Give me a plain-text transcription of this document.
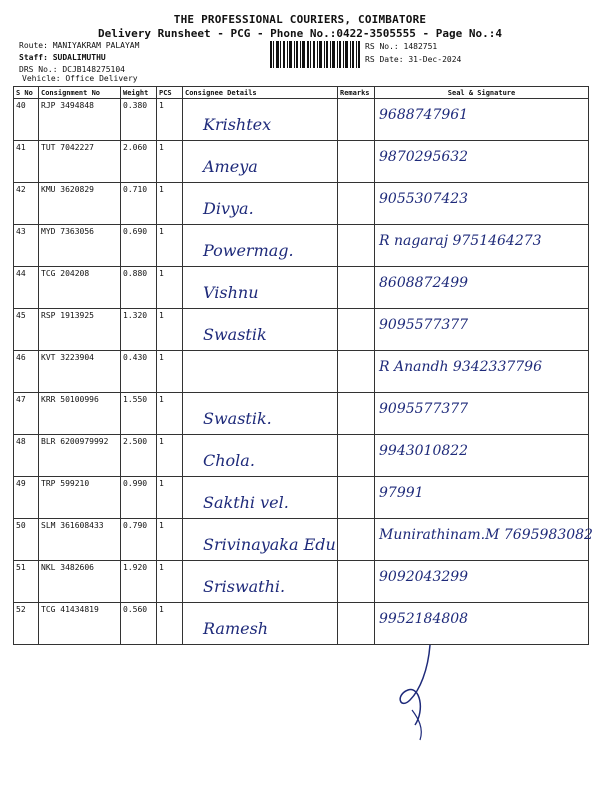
THE PROFESSIONAL COURIERS, COIMBATORE
Delivery Runsheet - PCG - Phone No.:0422-3505555 - Page No.:4
Route: MANIYAKRAM PALAYAM
Staff: SUDALIMUTHU
DRS No.: DCJB148275104
Vehicle: Office Delivery
RS No.: 1482751
RS Date: 31-Dec-2024
S No	Consignment No	Weight	PCS	Consignee Details	Remarks	Seal & Signature
40	RJP 3494848	0.380	1	Krishtex		9688747961
41	TUT 7042227	2.060	1	Ameya		9870295632
42	KMU 3620829	0.710	1	Divya.		9055307423
43	MYD 7363056	0.690	1	Powermag.		R nagaraj 9751464273
44	TCG 204208	0.880	1	Vishnu		8608872499
45	RSP 1913925	1.320	1	Swastik		9095577377
46	KVT 3223904	0.430	1			R Anandh 9342337796
47	KRR 50100996	1.550	1	Swastik.		9095577377
48	BLR 6200979992	2.500	1	Chola.		9943010822
49	TRP 599210	0.990	1	Sakthi vel.		97991
50	SLM 361608433	0.790	1	Srivinayaka Edu		Munirathinam.M 7695983082
51	NKL 3482606	1.920	1	Sriswathi.		9092043299
52	TCG 41434819	0.560	1	Ramesh		9952184808
